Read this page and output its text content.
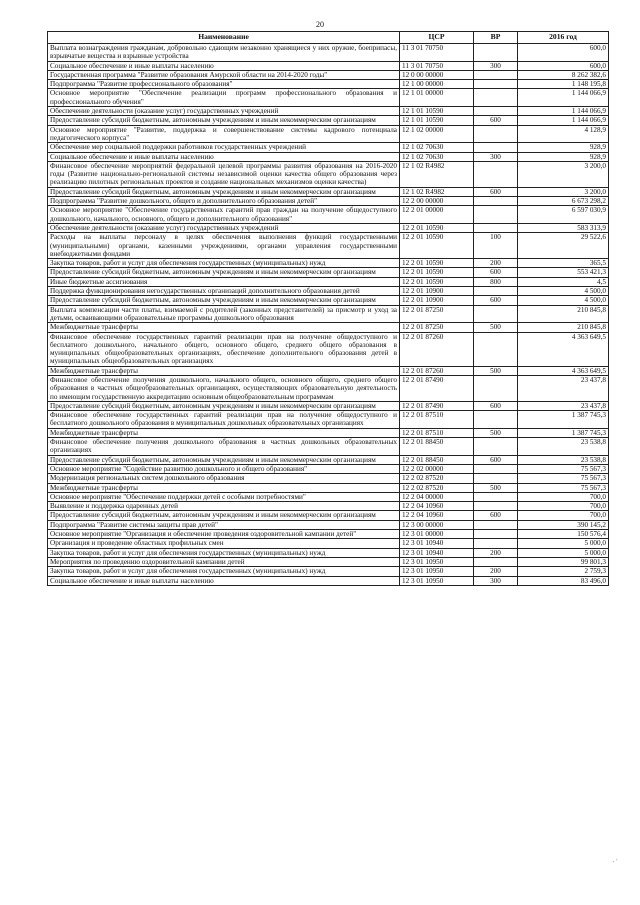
20
Наименование	ЦСР	ВР	2016 год
Выплата вознаграждения гражданам, добровольно сдающим незаконно хранящиеся у них оружие, боеприпасы, взрывчатые вещества и взрывные устройства	11 3 01 70750		600,0
Социальное обеспечение и иные выплаты населению	11 3 01 70750	300	600,0
Государственная программа "Развитие образования Амурской области на 2014-2020 годы"	12 0 00 00000		8 262 382,6
Подпрограмма "Развитие профессионального образования"	12 1 00 00000		1 148 195,8
Основное мероприятие "Обеспечение реализации программ профессионального образования и профессионального обучения"	12 1 01 00000		1 144 066,9
Обеспечение деятельности (оказание услуг) государственных учреждений	12 1 01 10590		1 144 066,9
Предоставление субсидий бюджетным, автономным учреждениям и иным некоммерческим организациям	12 1 01 10590	600	1 144 066,9
Основное мероприятие "Развитие, поддержка и совершенствование системы кадрового потенциала педагогического корпуса"	12 1 02 00000		4 128,9
Обеспечение мер социальной поддержки работников государственных учреждений	12 1 02 70630		928,9
Социальное обеспечение и иные выплаты населению	12 1 02 70630	300	928,9
Финансовое обеспечение мероприятий федеральной целевой программы развития образования на 2016-2020 годы (Развитие национально-региональной системы независимой оценки качества общего образования через реализацию пилотных региональных проектов и создание национальных механизмов оценки качества)	12 1 02 R4982		3 200,0
Предоставление субсидий бюджетным, автономным учреждениям и иным некоммерческим организациям	12 1 02 R4982	600	3 200,0
Подпрограмма "Развитие дошкольного, общего и дополнительного образования детей"	12 2 00 00000		6 673 298,2
Основное мероприятие "Обеспечение государственных гарантий прав граждан на получение общедоступного дошкольного, начального, основного, общего и дополнительного образования"	12 2 01 00000		6 597 030,9
Обеспечение деятельности (оказание услуг) государственных учреждений	12 2 01 10590		583 313,9
Расходы на выплаты персоналу в целях обеспечения выполнения функций государственными (муниципальными) органами, казенными учреждениями, органами управления государственными внебюджетными фондами	12 2 01 10590	100	29 522,6
Закупка товаров, работ и услуг для обеспечения государственных (муниципальных) нужд	12 2 01 10590	200	365,5
Предоставление субсидий бюджетным, автономным учреждениям и иным некоммерческим организациям	12 2 01 10590	600	553 421,3
Иные бюджетные ассигнования	12 2 01 10590	800	4,5
Поддержка функционирования негосударственных организаций дополнительного образования детей	12 2 01 10900		4 500,0
Предоставление субсидий бюджетным, автономным учреждениям и иным некоммерческим организациям	12 2 01 10900	600	4 500,0
Выплата компенсации части платы, взимаемой с родителей (законных представителей) за присмотр и уход за детьми, осваивающими образовательные программы дошкольного образования	12 2 01 87250		210 845,8
Межбюджетные трансферты	12 2 01 87250	500	210 845,8
Финансовое обеспечение государственных гарантий реализации прав на получение общедоступного и бесплатного дошкольного, начального общего, основного общего, среднего общего образования в муниципальных общеобразовательных организациях, обеспечение дополнительного образования детей в муниципальных общеобразовательных организациях	12 2 01 87260		4 363 649,5
Межбюджетные трансферты	12 2 01 87260	500	4 363 649,5
Финансовое обеспечение получения дошкольного, начального общего, основного общего, среднего общего образования в частных общеобразовательных организациях, осуществляющих образовательную деятельность по имеющим государственную аккредитацию основным общеобразовательным программам	12 2 01 87490		23 437,8
Предоставление субсидий бюджетным, автономным учреждениям и иным некоммерческим организациям	12 2 01 87490	600	23 437,8
Финансовое обеспечение государственных гарантий реализации прав на получение общедоступного и бесплатного дошкольного образования в муниципальных дошкольных образовательных организациях	12 2 01 87510		1 387 745,3
Межбюджетные трансферты	12 2 01 87510	500	1 387 745,3
Финансовое обеспечение получения дошкольного образования в частных дошкольных образовательных организациях	12 2 01 88450		23 538,8
Предоставление субсидий бюджетным, автономным учреждениям и иным некоммерческим организациям	12 2 01 88450	600	23 538,8
Основное мероприятие "Содействие развитию дошкольного и общего образования"	12 2 02 00000		75 567,3
Модернизация региональных систем дошкольного образования	12 2 02 87520		75 567,3
Межбюджетные трансферты	12 2 02 87520	500	75 567,3
Основное мероприятие "Обеспечение поддержки детей с особыми потребностями"	12 2 04 00000		700,0
Выявление и поддержка одаренных детей	12 2 04 10960		700,0
Предоставление субсидий бюджетным, автономным учреждениям и иным некоммерческим организациям	12 2 04 10960	600	700,0
Подпрограмма "Развитие системы защиты прав детей"	12 3 00 00000		390 145,2
Основное мероприятие "Организация и обеспечение проведения оздоровительной кампании детей"	12 3 01 00000		150 576,4
Организация и проведение областных профильных смен	12 3 01 10940		5 000,0
Закупка товаров, работ и услуг для обеспечения государственных (муниципальных) нужд	12 3 01 10940	200	5 000,0
Мероприятия по проведению оздоровительной кампании детей	12 3 01 10950		99 801,3
Закупка товаров, работ и услуг для обеспечения государственных (муниципальных) нужд	12 3 01 10950	200	2 759,3
Социальное обеспечение и иные выплаты населению	12 3 01 10950	300	83 496,0
· ·
